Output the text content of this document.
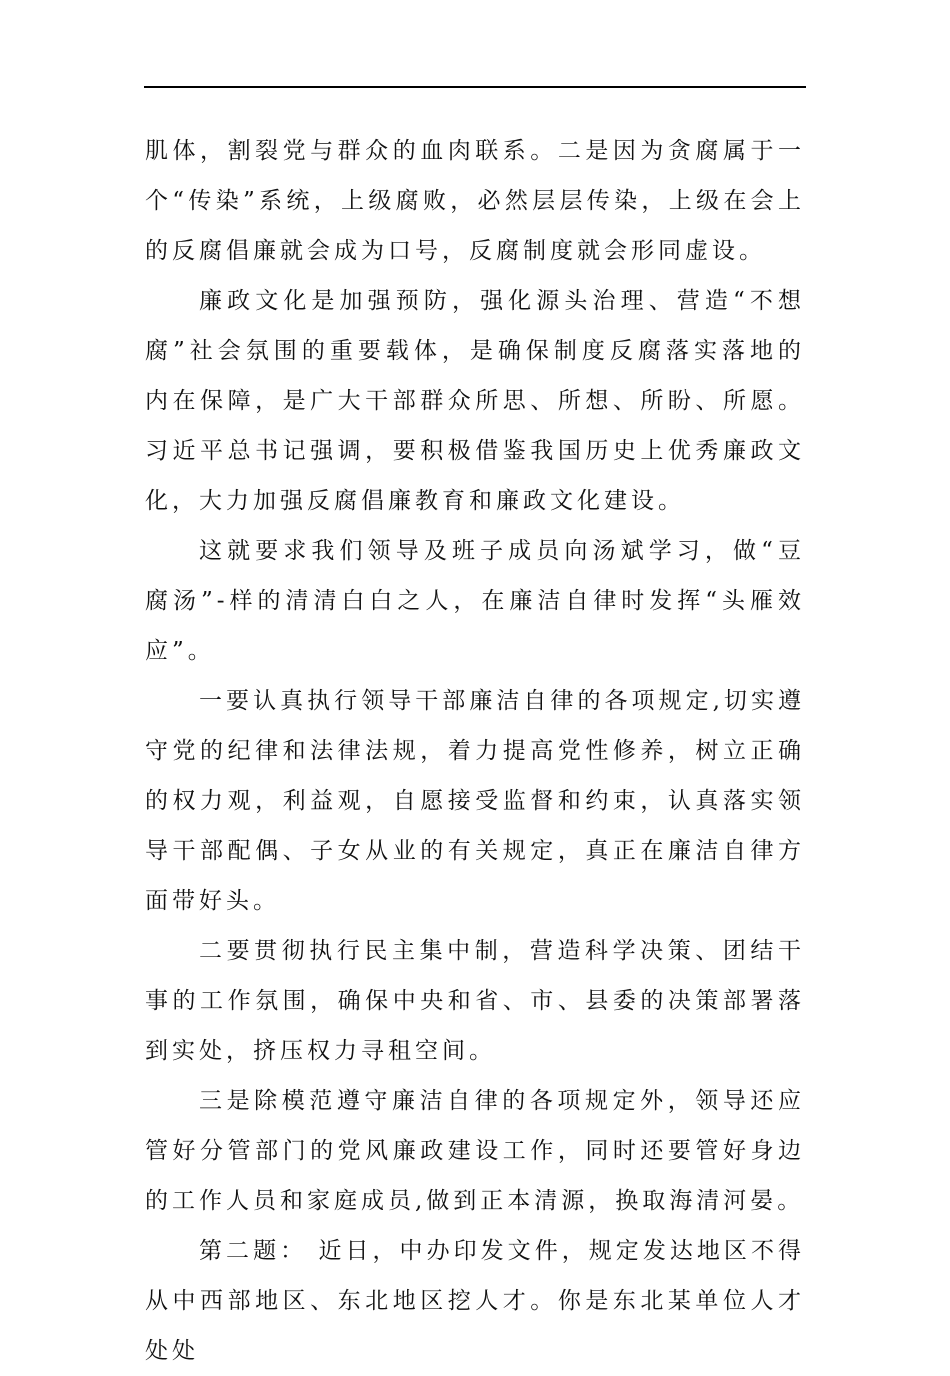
肌体，割裂党与群众的血肉联系。二是因为贪腐属于一个“传染”系统，上级腐败，必然层层传染，上级在会上的反腐倡廉就会成为口号，反腐制度就会形同虚设。

廉政文化是加强预防，强化源头治理、营造“不想腐”社会氛围的重要载体，是确保制度反腐落实落地的内在保障，是广大干部群众所思、所想、所盼、所愿。习近平总书记强调，要积极借鉴我国历史上优秀廉政文化，大力加强反腐倡廉教育和廉政文化建设。

这就要求我们领导及班子成员向汤斌学习，做“豆腐汤”-样的清清白白之人，在廉洁自律时发挥“头雁效应”。

一要认真执行领导干部廉洁自律的各项规定,切实遵守党的纪律和法律法规，着力提高党性修养，树立正确的权力观，利益观，自愿接受监督和约束，认真落实领导干部配偶、子女从业的有关规定，真正在廉洁自律方面带好头。

二要贯彻执行民主集中制，营造科学决策、团结干事的工作氛围，确保中央和省、市、县委的决策部署落到实处，挤压权力寻租空间。

三是除模范遵守廉洁自律的各项规定外，领导还应管好分管部门的党风廉政建设工作，同时还要管好身边的工作人员和家庭成员,做到正本清源，换取海清河晏。

第二题： 近日，中办印发文件，规定发达地区不得从中西部地区、东北地区挖人才。你是东北某单位人才处处
